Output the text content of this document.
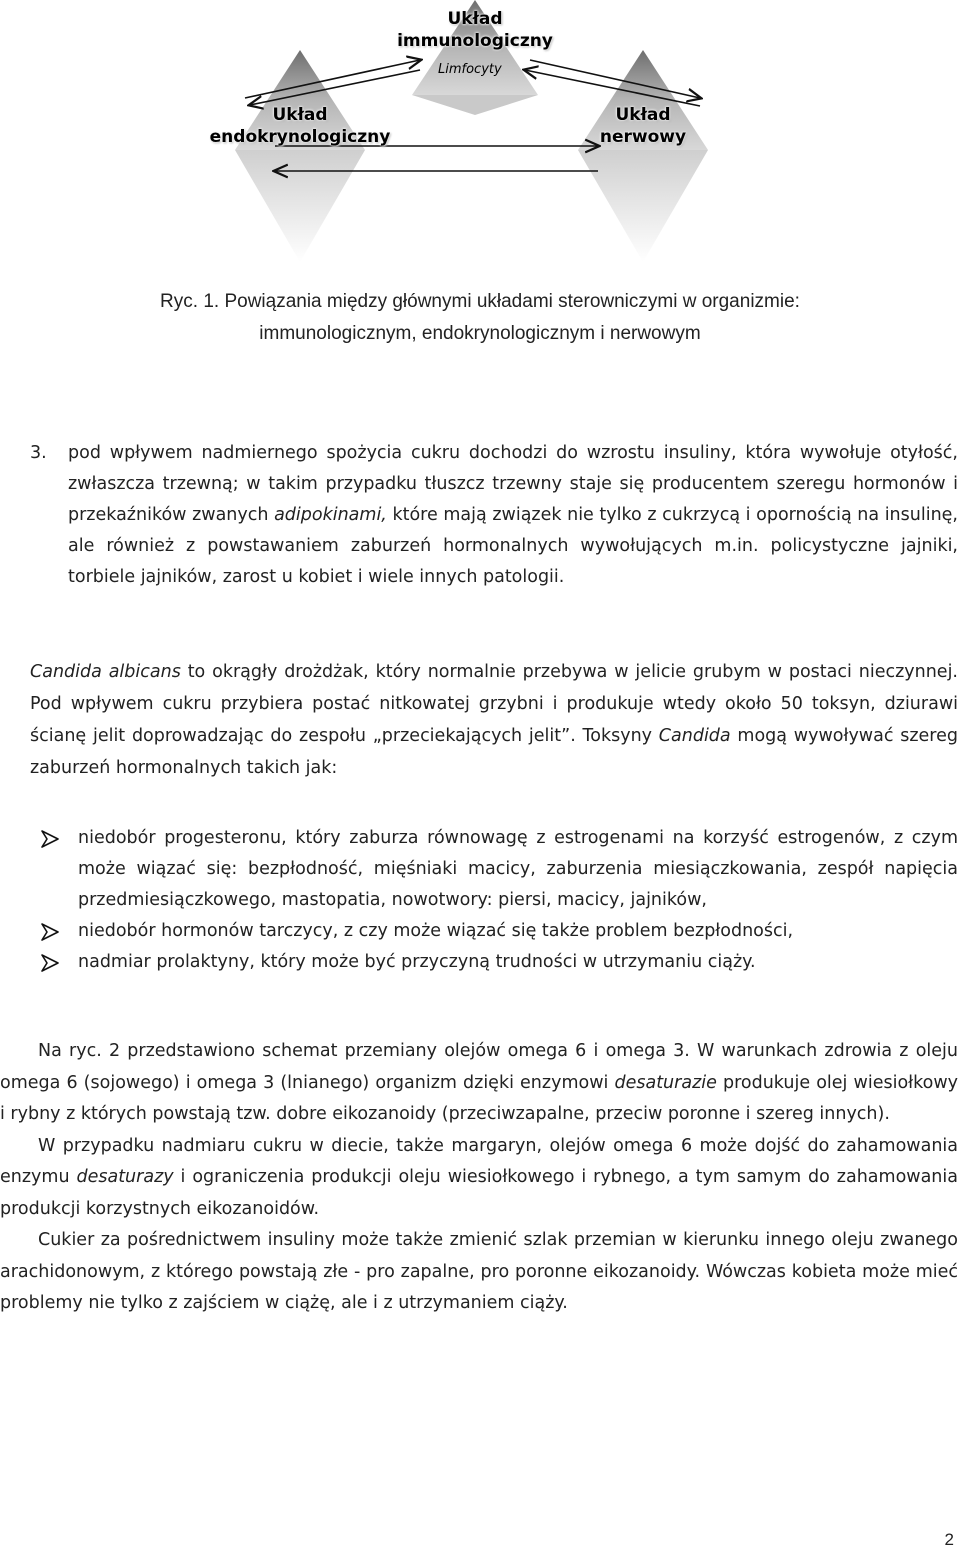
Układ
immunologiczny
Limfocyty
Układ
endokrynologiczny
Układ
nerwowy
Ryc. 1. Powiązania między głównymi układami sterowniczymi w organizmie:
immunologicznym, endokrynologicznym i nerwowym
3. pod wpływem nadmiernego spożycia cukru dochodzi do wzrostu insuliny, która wywołuje otyłość, zwłaszcza trzewną; w takim przypadku tłuszcz trzewny staje się producentem szeregu hormonów i przekaźników zwanych adipokinami, które mają związek nie tylko z cukrzycą i opornością na insulinę, ale również z powstawaniem zaburzeń hormonalnych wywołujących m.in. policystyczne jajniki, torbiele jajników, zarost u kobiet i wiele innych patologii.

Candida albicans to okrągły drożdżak, który normalnie przebywa w jelicie grubym w postaci nieczynnej. Pod wpływem cukru przybiera postać nitkowatej grzybni i produkuje wtedy około 50 toksyn, dziurawi ścianę jelit doprowadzając do zespołu „przeciekających jelit”. Toksyny Candida mogą wywoływać szereg zaburzeń hormonalnych takich jak:

niedobór progesteronu, który zaburza równowagę z estrogenami na korzyść estrogenów, z czym może wiązać się: bezpłodność, mięśniaki macicy, zaburzenia miesiączkowania, zespół napięcia przedmiesiączkowego, mastopatia, nowotwory: piersi, macicy, jajników,
niedobór hormonów tarczycy, z czy może wiązać się także problem bezpłodności,
nadmiar prolaktyny, który może być przyczyną trudności w utrzymaniu ciąży.

Na ryc. 2 przedstawiono schemat przemiany olejów omega 6 i omega 3. W warunkach zdrowia z oleju omega 6 (sojowego) i omega 3 (lnianego) organizm dzięki enzymowi desaturazie produkuje olej wiesiołkowy i rybny z których powstają tzw. dobre eikozanoidy (przeciwzapalne, przeciw poronne i szereg innych).

W przypadku nadmiaru cukru w diecie, także margaryn, olejów omega 6 może dojść do zahamowania enzymu desaturazy i ograniczenia produkcji oleju wiesiołkowego i rybnego, a tym samym do zahamowania produkcji korzystnych eikozanoidów.

Cukier za pośrednictwem insuliny może także zmienić szlak przemian w kierunku innego oleju zwanego arachidonowym, z którego powstają złe - pro zapalne, pro poronne eikozanoidy. Wówczas kobieta może mieć problemy nie tylko z zajściem w ciążę, ale i z utrzymaniem ciąży.

2
